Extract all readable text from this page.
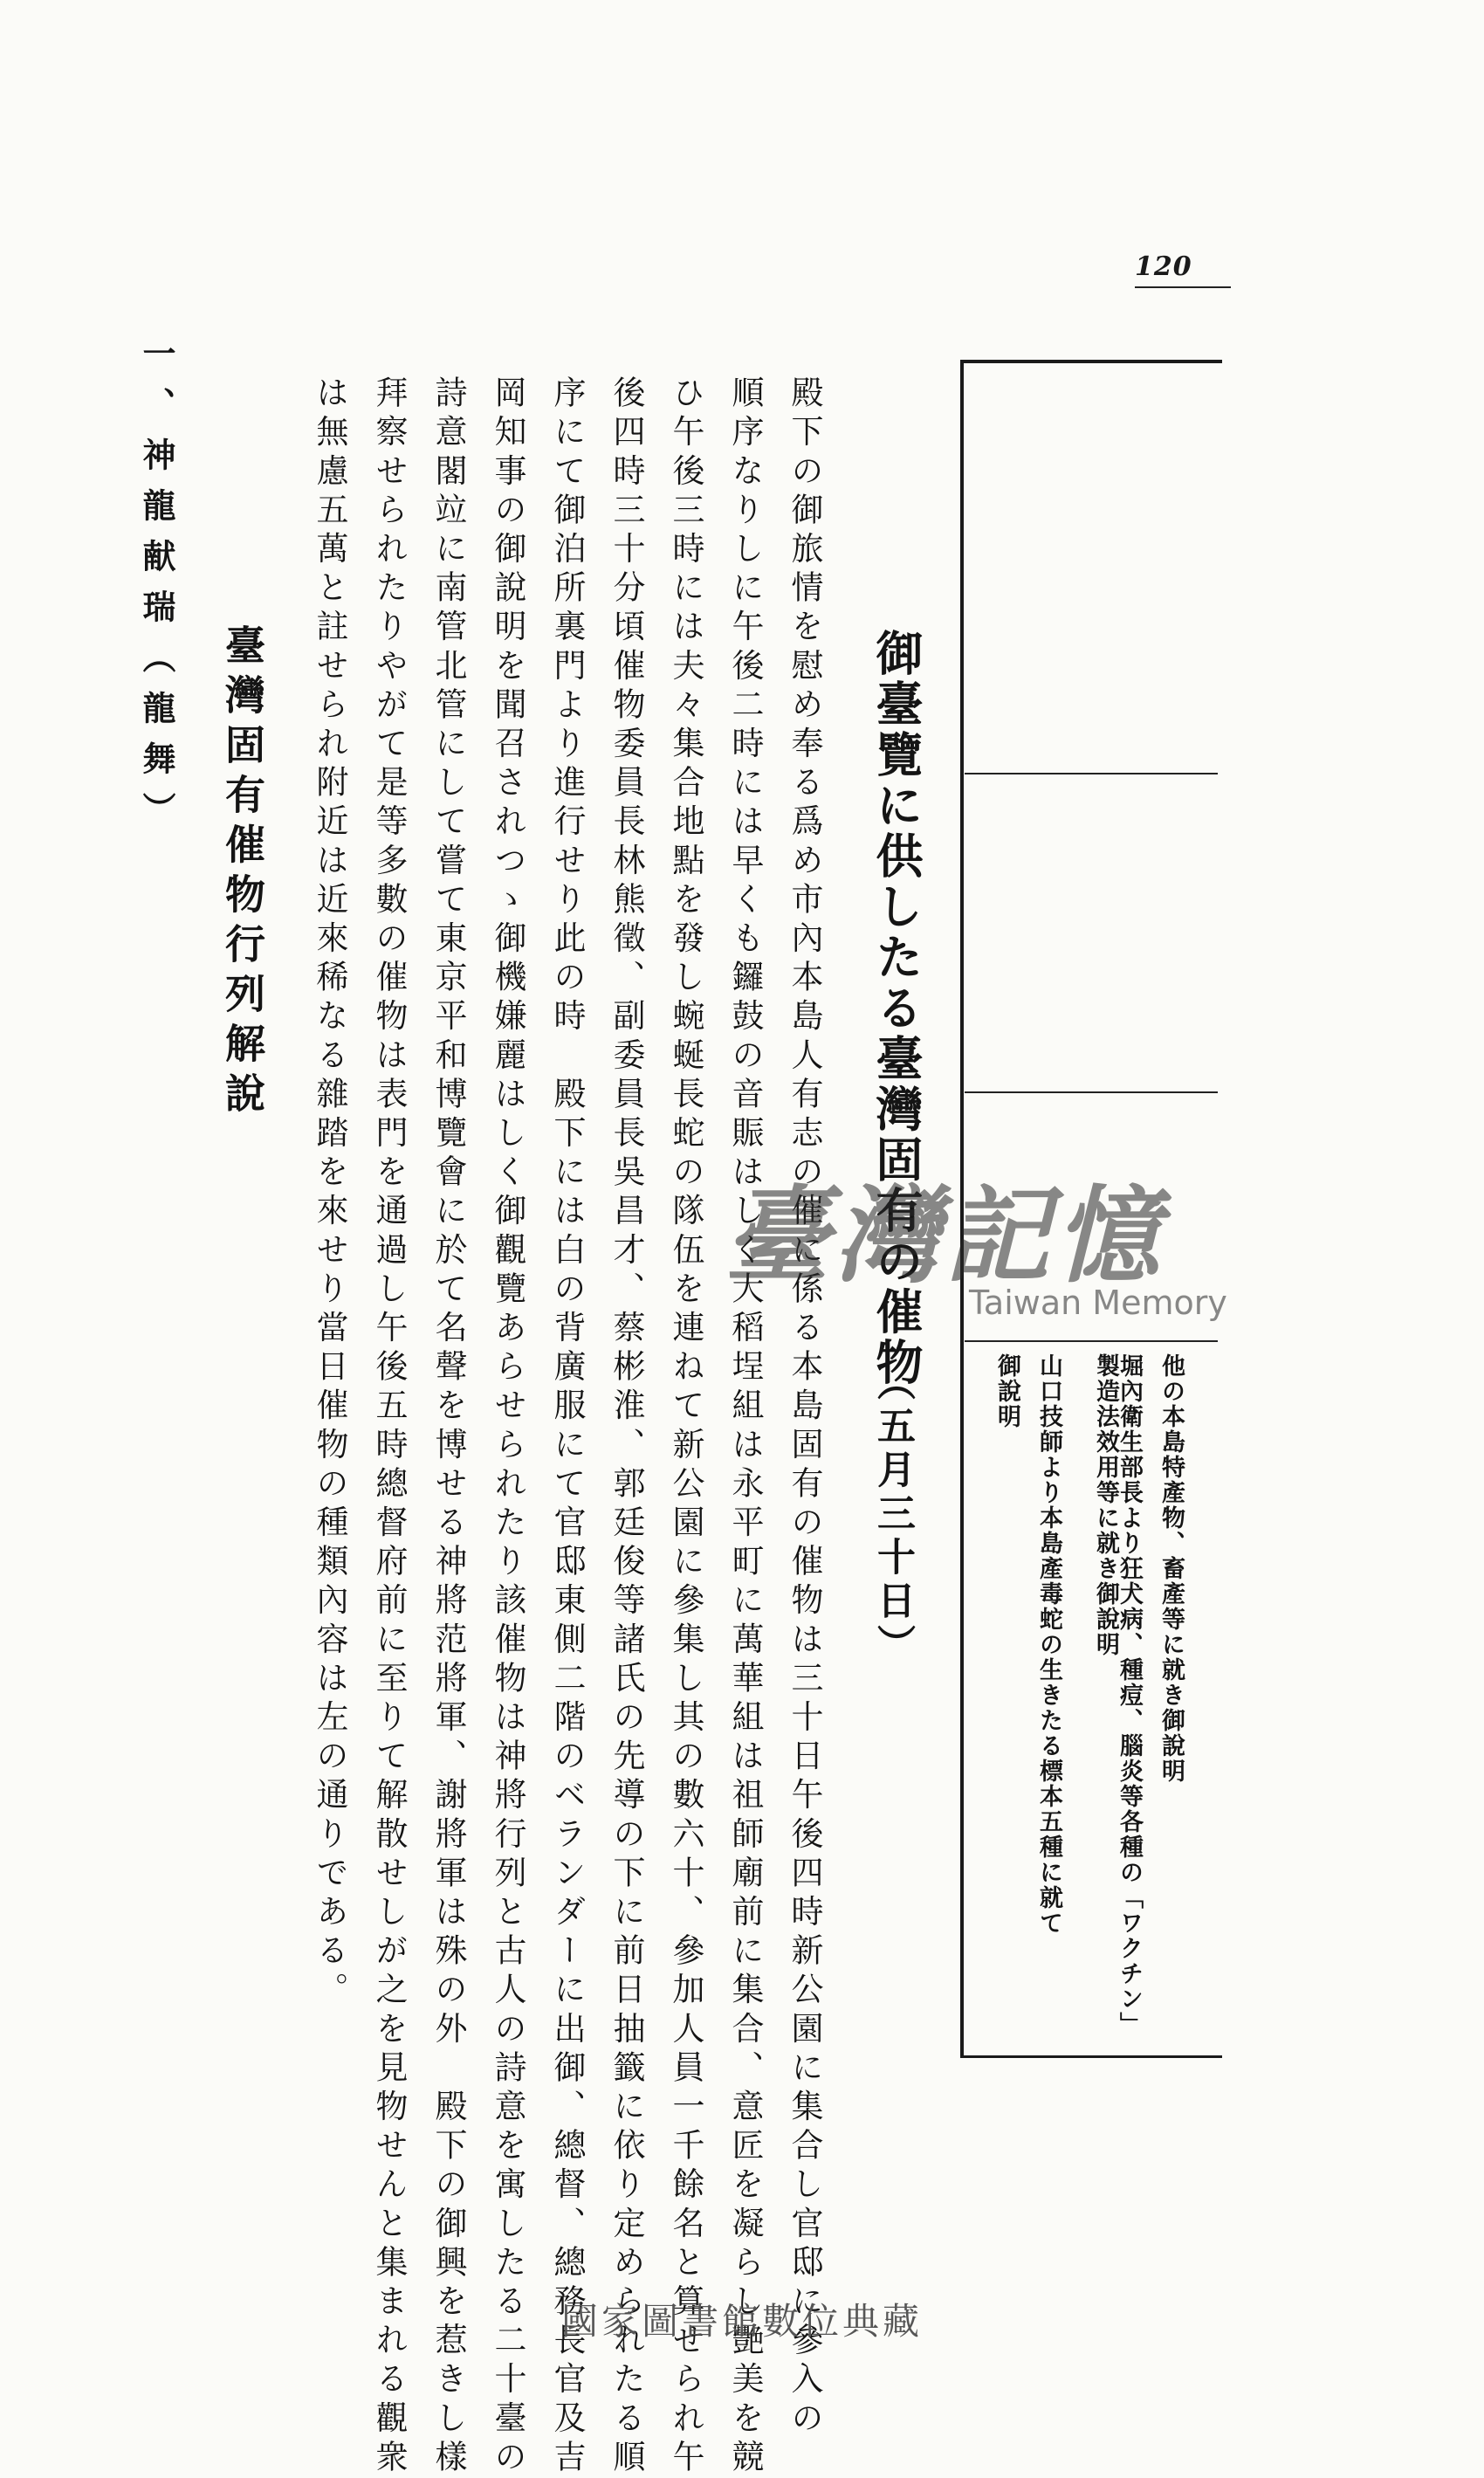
120
他の本島特產物、畜產等に就き御說明
堀內衛生部長より狂犬病、種痘、腦炎等各種の「ワクチン」製造法效用等に就き御說明
山口技師より本島產毒蛇の生きたる標本五種に就て
御說明
御臺覽に供したる臺灣固有の催物
（五月三十日）
殿下の御旅情を慰め奉る爲め市內本島人有志の催に係る本島固有の催物は三十日午後四時新公園に集合し官邸に參入の
順序なりしに午後二時には早くも鑼鼓の音賑はしく大稻埕組は永平町に萬華組は祖師廟前に集合、意匠を凝らし艷美を競
ひ午後三時には夫々集合地點を發し蜿蜒長蛇の隊伍を連ねて新公園に參集し其の數六十、參加人員一千餘名と算せられ午
後四時三十分頃催物委員長林熊徵、副委員長吳昌才、蔡彬淮、郭廷俊等諸氏の先導の下に前日抽籤に依り定められたる順
序にて御泊所裏門より進行せり此の時　殿下には白の背廣服にて官邸東側二階のベランダーに出御、總督、總務長官及吉
岡知事の御說明を聞召されつゝ御機嫌麗はしく御觀覽あらせられたり該催物は神將行列と古人の詩意を寓したる二十臺の
詩意閣竝に南管北管にして嘗て東京平和博覽會に於て名聲を博せる神將范將軍、謝將軍は殊の外　殿下の御興を惹きし樣
拜察せられたりやがて是等多數の催物は表門を通過し午後五時總督府前に至りて解散せしが之を見物せんと集まれる觀衆
は無慮五萬と註せられ附近は近來稀なる雜踏を來せり當日催物の種類內容は左の通りである。
臺灣固有催物行列解說
一、神龍献瑞（龍舞）
臺灣記憶
Taiwan Memory
國家圖書館數位典藏
